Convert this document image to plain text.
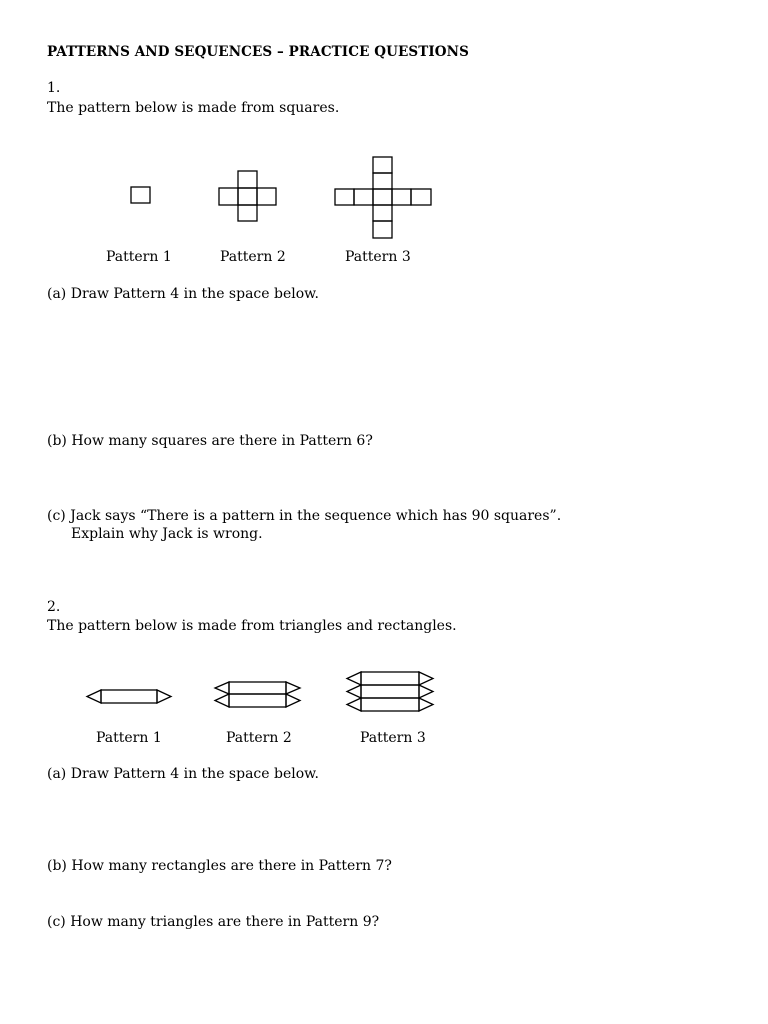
PATTERNS AND SEQUENCES – PRACTICE QUESTIONS
1.
The pattern below is made from squares.
Pattern 1	Pattern 2	Pattern 3
(a) Draw Pattern 4 in the space below.
(b) How many squares are there in Pattern 6?
(c) Jack says “There is a pattern in the sequence which has 90 squares”.
Explain why Jack is wrong.
2.
The pattern below is made from triangles and rectangles.
Pattern 1	Pattern 2	Pattern 3
(a) Draw Pattern 4 in the space below.
(b) How many rectangles are there in Pattern 7?
(c) How many triangles are there in Pattern 9?
